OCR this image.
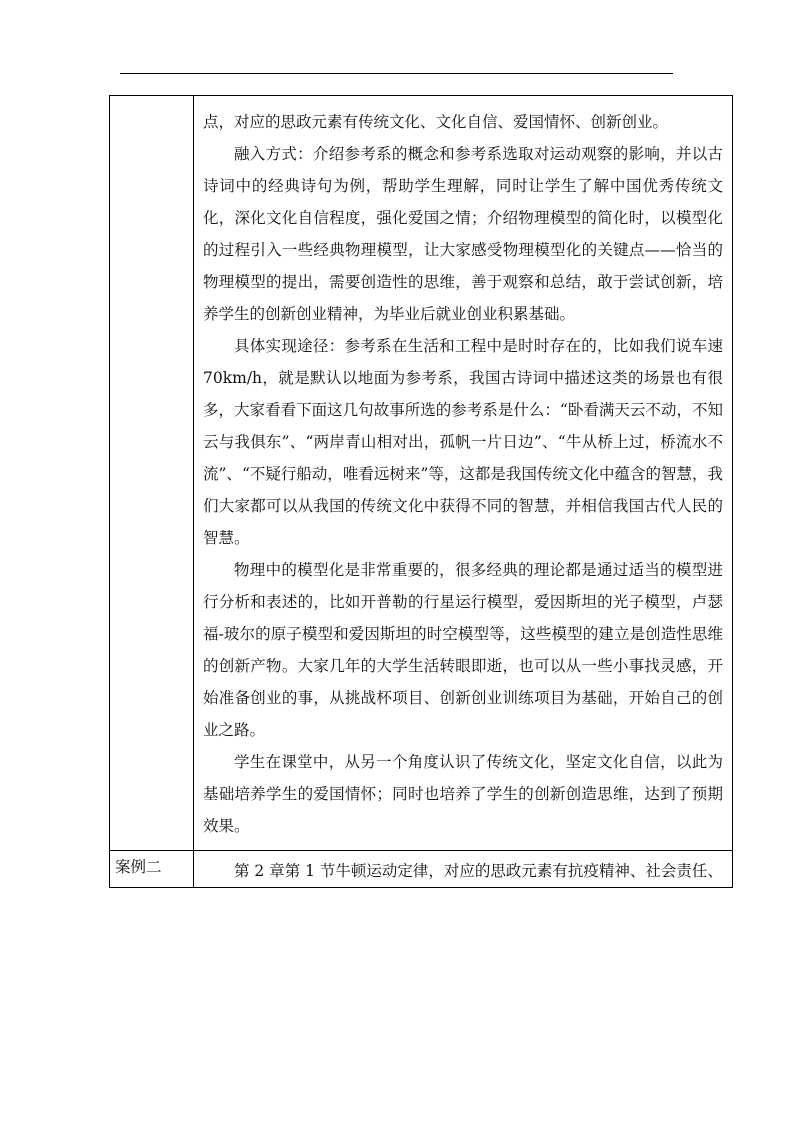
	点，对应的思政元素有传统文化、文化自信、爱国情怀、创新创业。

融入方式：介绍参考系的概念和参考系选取对运动观察的影响，并以古诗词中的经典诗句为例，帮助学生理解，同时让学生了解中国优秀传统文化，深化文化自信程度，强化爱国之情；介绍物理模型的简化时，以模型化的过程引入一些经典物理模型，让大家感受物理模型化的关键点——恰当的物理模型的提出，需要创造性的思维，善于观察和总结，敢于尝试创新，培养学生的创新创业精神，为毕业后就业创业积累基础。

具体实现途径：参考系在生活和工程中是时时存在的，比如我们说车速70km/h，就是默认以地面为参考系，我国古诗词中描述这类的场景也有很多，大家看看下面这几句故事所选的参考系是什么：“卧看满天云不动，不知云与我俱东”、“两岸青山相对出，孤帆一片日边”、“牛从桥上过，桥流水不流”、“不疑行船动，唯看远树来”等，这都是我国传统文化中蕴含的智慧，我们大家都可以从我国的传统文化中获得不同的智慧，并相信我国古代人民的智慧。

物理中的模型化是非常重要的，很多经典的理论都是通过适当的模型进行分析和表述的，比如开普勒的行星运行模型，爱因斯坦的光子模型，卢瑟福-玻尔的原子模型和爱因斯坦的时空模型等，这些模型的建立是创造性思维的创新产物。大家几年的大学生活转眼即逝，也可以从一些小事找灵感，开始准备创业的事，从挑战杯项目、创新创业训练项目为基础，开始自己的创业之路。

学生在课堂中，从另一个角度认识了传统文化，坚定文化自信，以此为基础培养学生的爱国情怀；同时也培养了学生的创新创造思维，达到了预期效果。

案例二	第 2 章第 1 节牛顿运动定律，对应的思政元素有抗疫精神、社会责任、
